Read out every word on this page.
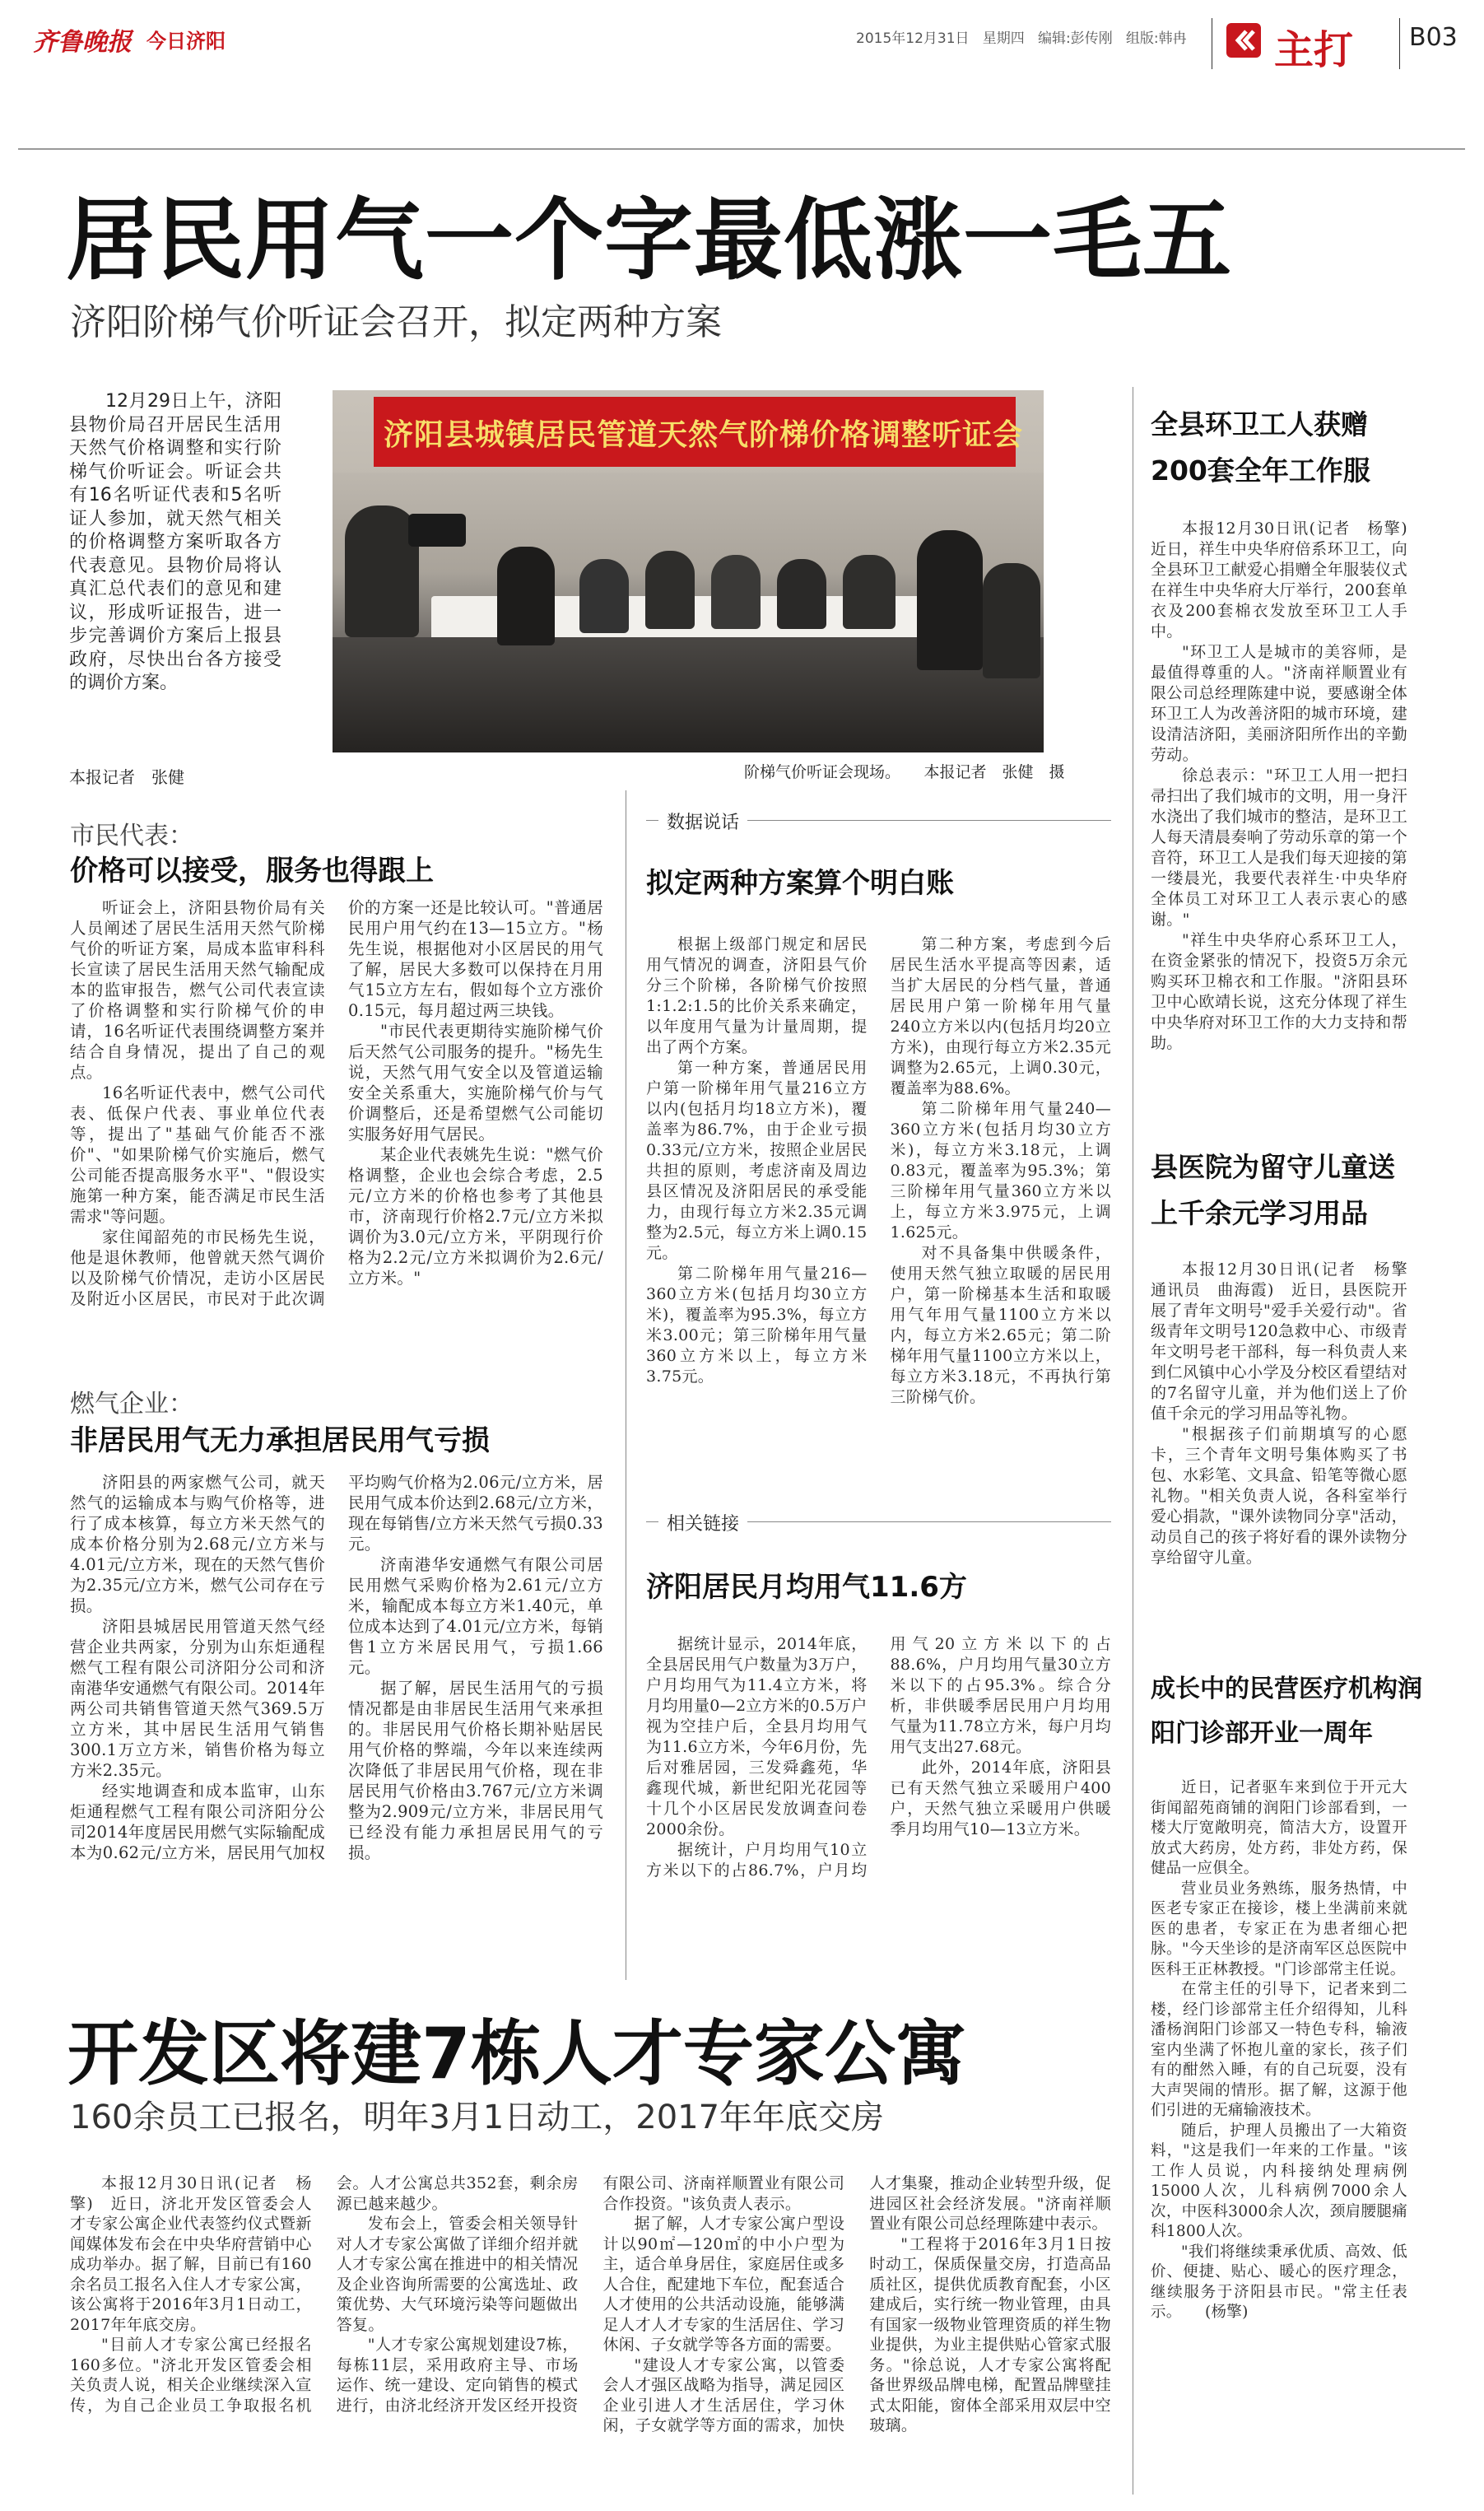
齐鲁晚报 今日济阳	2015年12月31日 星期四 编辑:彭传刚 组版:韩冉 主打 B03
居民用气一个字最低涨一毛五
济阳阶梯气价听证会召开，拟定两种方案

12月29日上午，济阳县物价局召开居民生活用天然气价格调整和实行阶梯气价听证会。听证会共有16名听证代表和5名听证人参加，就天然气相关的价格调整方案听取各方代表意见。县物价局将认真汇总代表们的意见和建议，形成听证报告，进一步完善调价方案后上报县政府，尽快出台各方接受的调价方案。

本报记者　张健
济阳县城镇居民管道天然气阶梯价格调整听证会
阶梯气价听证会现场。　　本报记者　张健　摄
市民代表：
价格可以接受，服务也得跟上

听证会上，济阳县物价局有关人员阐述了居民生活用天然气阶梯气价的听证方案，局成本监审科科长宣读了居民生活用天然气输配成本的监审报告，燃气公司代表宣读了价格调整和实行阶梯气价的申请，16名听证代表围绕调整方案并结合自身情况，提出了自己的观点。

16名听证代表中，燃气公司代表、低保户代表、事业单位代表等，提出了"基础气价能否不涨价"、"如果阶梯气价实施后，燃气公司能否提高服务水平"、"假设实施第一种方案，能否满足市民生活需求"等问题。

家住闻韶苑的市民杨先生说，他是退休教师，他曾就天然气调价以及阶梯气价情况，走访小区居民及附近小区居民，市民对于此次调价的方案一还是比较认可。"普通居民用户用气约在13—15立方。"杨先生说，根据他对小区居民的用气了解，居民大多数可以保持在月用气15立方左右，假如每个立方涨价0.15元，每月超过两三块钱。

"市民代表更期待实施阶梯气价后天然气公司服务的提升。"杨先生说，天然气用气安全以及管道运输安全关系重大，实施阶梯气价与气价调整后，还是希望燃气公司能切实服务好用气居民。

某企业代表姚先生说："燃气价格调整，企业也会综合考虑，2.5元/立方米的价格也参考了其他县市，济南现行价格2.7元/立方米拟调价为3.0元/立方米，平阴现行价格为2.2元/立方米拟调价为2.6元/立方米。"

燃气企业：
非居民用气无力承担居民用气亏损

济阳县的两家燃气公司，就天然气的运输成本与购气价格等，进行了成本核算，每立方米天然气的成本价格分别为2.68元/立方米与4.01元/立方米，现在的天然气售价为2.35元/立方米，燃气公司存在亏损。

济阳县城居民用管道天然气经营企业共两家，分别为山东炬通程燃气工程有限公司济阳分公司和济南港华安通燃气有限公司。2014年两公司共销售管道天然气369.5万立方米，其中居民生活用气销售300.1万立方米，销售价格为每立方米2.35元。

经实地调查和成本监审，山东炬通程燃气工程有限公司济阳分公司2014年度居民用燃气实际输配成本为0.62元/立方米，居民用气加权平均购气价格为2.06元/立方米，居民用气成本价达到2.68元/立方米，现在每销售/立方米天然气亏损0.33元。

济南港华安通燃气有限公司居民用燃气采购价格为2.61元/立方米，输配成本每立方米1.40元，单位成本达到了4.01元/立方米，每销售1立方米居民用气，亏损1.66元。

据了解，居民生活用气的亏损情况都是由非居民生活用气来承担的。非居民用气价格长期补贴居民用气价格的弊端，今年以来连续两次降低了非居民用气价格，现在非居民用气价格由3.767元/立方米调整为2.909元/立方米，非居民用气已经没有能力承担居民用气的亏损。

数据说话
拟定两种方案算个明白账

根据上级部门规定和居民用气情况的调查，济阳县气价分三个阶梯，各阶梯气价按照1:1.2:1.5的比价关系来确定，以年度用气量为计量周期，提出了两个方案。

第一种方案，普通居民用户第一阶梯年用气量216立方以内(包括月均18立方米)，覆盖率为86.7%，由于企业亏损0.33元/立方米，按照企业居民共担的原则，考虑济南及周边县区情况及济阳居民的承受能力，由现行每立方米2.35元调整为2.5元，每立方米上调0.15元。

第二阶梯年用气量216—360立方米(包括月均30立方米)，覆盖率为95.3%，每立方米3.00元；第三阶梯年用气量360立方米以上，每立方米3.75元。

第二种方案，考虑到今后居民生活水平提高等因素，适当扩大居民的分档气量，普通居民用户第一阶梯年用气量240立方米以内(包括月均20立方米)，由现行每立方米2.35元调整为2.65元，上调0.30元，覆盖率为88.6%。

第二阶梯年用气量240—360立方米(包括月均30立方米)，每立方米3.18元，上调0.83元，覆盖率为95.3%；第三阶梯年用气量360立方米以上，每立方米3.975元，上调1.625元。

对不具备集中供暖条件，使用天然气独立取暖的居民用户，第一阶梯基本生活和取暖用气年用气量1100立方米以内，每立方米2.65元；第二阶梯年用气量1100立方米以上，每立方米3.18元，不再执行第三阶梯气价。

相关链接
济阳居民月均用气11.6方

据统计显示，2014年底，全县居民用气户数量为3万户，户月均用气为11.4立方米，将月均用量0—2立方米的0.5万户视为空挂户后，全县月均用气为11.6立方米，今年6月份，先后对雅居园，三发舜鑫苑，华鑫现代城，新世纪阳光花园等十几个小区居民发放调查问卷2000余份。

据统计，户月均用气10立方米以下的占86.7%，户月均用气20立方米以下的占88.6%，户月均用气量30立方米以下的占95.3%。综合分析，非供暖季居民用户月均用气量为11.78立方米，每户月均用气支出27.68元。

此外，2014年底，济阳县已有天然气独立采暖用户400户，天然气独立采暖用户供暖季月均用气10—13立方米。

全县环卫工人获赠200套全年工作服

本报12月30日讯(记者　杨擎)　近日，祥生中央华府倍系环卫工，向全县环卫工献爱心捐赠全年服装仪式在祥生中央华府大厅举行，200套单衣及200套棉衣发放至环卫工人手中。

"环卫工人是城市的美容师，是最值得尊重的人。"济南祥顺置业有限公司总经理陈建中说，要感谢全体环卫工人为改善济阳的城市环境，建设清洁济阳，美丽济阳所作出的辛勤劳动。

徐总表示："环卫工人用一把扫帚扫出了我们城市的文明，用一身汗水浇出了我们城市的整洁，是环卫工人每天清晨奏响了劳动乐章的第一个音符，环卫工人是我们每天迎接的第一缕晨光，我要代表祥生·中央华府全体员工对环卫工人表示衷心的感谢。"

"祥生中央华府心系环卫工人，在资金紧张的情况下，投资5万余元购买环卫棉衣和工作服。"济阳县环卫中心欧靖长说，这充分体现了祥生中央华府对环卫工作的大力支持和帮助。

县医院为留守儿童送上千余元学习用品

本报12月30日讯(记者　杨擎　通讯员　曲海霞)　近日，县医院开展了青年文明号"爱手关爱行动"。省级青年文明号120急救中心、市级青年文明号老干部科，每一科负责人来到仁风镇中心小学及分校区看望结对的7名留守儿童，并为他们送上了价值千余元的学习用品等礼物。

"根据孩子们前期填写的心愿卡，三个青年文明号集体购买了书包、水彩笔、文具盒、铅笔等微心愿礼物。"相关负责人说，各科室举行爱心捐款，"课外读物同分享"活动，动员自己的孩子将好看的课外读物分享给留守儿童。

成长中的民营医疗机构润阳门诊部开业一周年

近日，记者驱车来到位于开元大街闻韶苑商铺的润阳门诊部看到，一楼大厅宽敞明亮，简洁大方，设置开放式大药房，处方药，非处方药，保健品一应俱全。

营业员业务熟练，服务热情，中医老专家正在接诊，楼上坐满前来就医的患者，专家正在为患者细心把脉。"今天坐诊的是济南军区总医院中医科王正林教授。"门诊部常主任说。

在常主任的引导下，记者来到二楼，经门诊部常主任介绍得知，儿科潘杨润阳门诊部又一特色专科，输液室内坐满了怀抱儿童的家长，孩子们有的酣然入睡，有的自己玩耍，没有大声哭闹的情形。据了解，这源于他们引进的无痛输液技术。

随后，护理人员搬出了一大箱资料，"这是我们一年来的工作量。"该工作人员说，内科接纳处理病例15000人次，儿科病例7000余人次，中医科3000余人次，颈肩腰腿痛科1800人次。

"我们将继续秉承优质、高效、低价、便捷、贴心、暖心的医疗理念，继续服务于济阳县市民。"常主任表示。　　(杨擎)

开发区将建7栋人才专家公寓
160余员工已报名，明年3月1日动工，2017年年底交房

本报12月30日讯(记者　杨擎)　近日，济北开发区管委会人才专家公寓企业代表签约仪式暨新闻媒体发布会在中央华府营销中心成功举办。据了解，目前已有160余名员工报名入住人才专家公寓，该公寓将于2016年3月1日动工，2017年年底交房。

"目前人才专家公寓已经报名160多位。"济北开发区管委会相关负责人说，相关企业继续深入宣传，为自己企业员工争取报名机会。人才公寓总共352套，剩余房源已越来越少。

发布会上，管委会相关领导针对人才专家公寓做了详细介绍并就人才专家公寓在推进中的相关情况及企业咨询所需要的公寓选址、政策优势、大气环境污染等问题做出答复。

"人才专家公寓规划建设7栋，每栋11层，采用政府主导、市场运作、统一建设、定向销售的模式进行，由济北经济开发区经开投资有限公司、济南祥顺置业有限公司合作投资。"该负责人表示。

据了解，人才专家公寓户型设计以90㎡—120㎡的中小户型为主，适合单身居住，家庭居住或多人合住，配建地下车位，配套适合人才使用的公共活动设施，能够满足人才人才专家的生活居住、学习休闲、子女就学等各方面的需要。

"建设人才专家公寓，以管委会人才强区战略为指导，满足园区企业引进人才生活居住，学习休闲，子女就学等方面的需求，加快人才集聚，推动企业转型升级，促进园区社会经济发展。"济南祥顺置业有限公司总经理陈建中表示。

"工程将于2016年3月1日按时动工，保质保量交房，打造高品质社区，提供优质教育配套，小区建成后，实行统一物业管理，由具有国家一级物业管理资质的祥生物业提供，为业主提供贴心管家式服务。"徐总说，人才专家公寓将配备世界级品牌电梯，配置品牌壁挂式太阳能，窗体全部采用双层中空玻璃。
